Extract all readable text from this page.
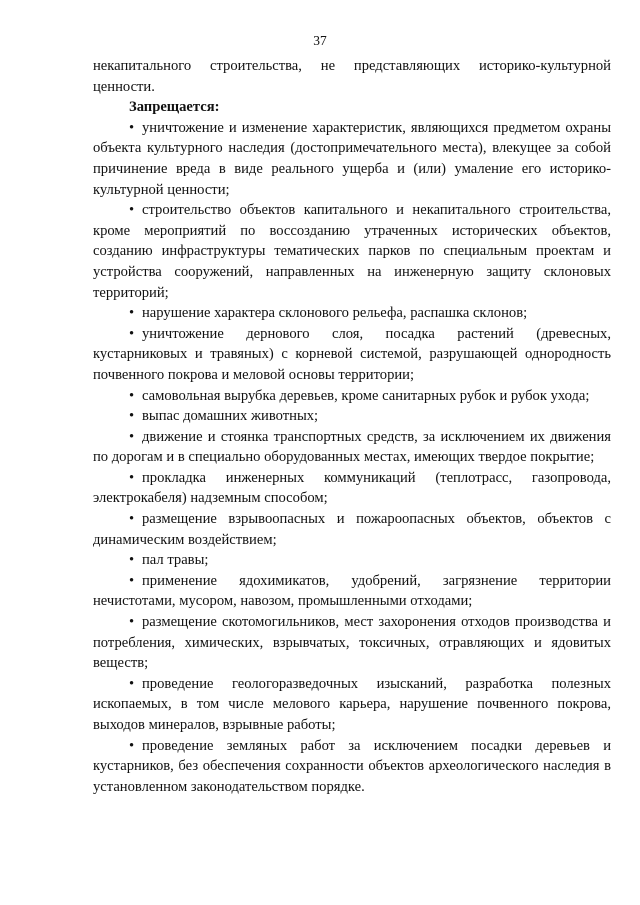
37

некапитального строительства, не представляющих историко-культурной ценности.

Запрещается:

• уничтожение и изменение характеристик, являющихся предметом охраны объекта культурного наследия (достопримечательного места), влекущее за собой причинение вреда в виде реального ущерба и (или) умаление его историко-культурной ценности;

• строительство объектов капитального и некапитального строительства, кроме мероприятий по воссозданию утраченных исторических объектов, созданию инфраструктуры тематических парков по специальным проектам и устройства сооружений, направленных на инженерную защиту склоновых территорий;

• нарушение характера склонового рельефа, распашка склонов;

• уничтожение дернового слоя, посадка растений (древесных, кустарниковых и травяных) с корневой системой, разрушающей однородность почвенного покрова и меловой основы территории;

• самовольная вырубка деревьев, кроме санитарных рубок и рубок ухода;

• выпас домашних животных;

• движение и стоянка транспортных средств, за исключением их движения по дорогам и в специально оборудованных местах, имеющих твердое покрытие;

• прокладка инженерных коммуникаций (теплотрасс, газопровода, электрокабеля) надземным способом;

• размещение взрывоопасных и пожароопасных объектов, объектов с динамическим воздействием;

• пал травы;

• применение ядохимикатов, удобрений, загрязнение территории нечистотами, мусором, навозом, промышленными отходами;

• размещение скотомогильников, мест захоронения отходов производства и потребления, химических, взрывчатых, токсичных, отравляющих и ядовитых веществ;

• проведение геологоразведочных изысканий, разработка полезных ископаемых, в том числе мелового карьера, нарушение почвенного покрова, выходов минералов, взрывные работы;

• проведение земляных работ за исключением посадки деревьев и кустарников, без обеспечения сохранности объектов археологического наследия в установленном законодательством порядке.
